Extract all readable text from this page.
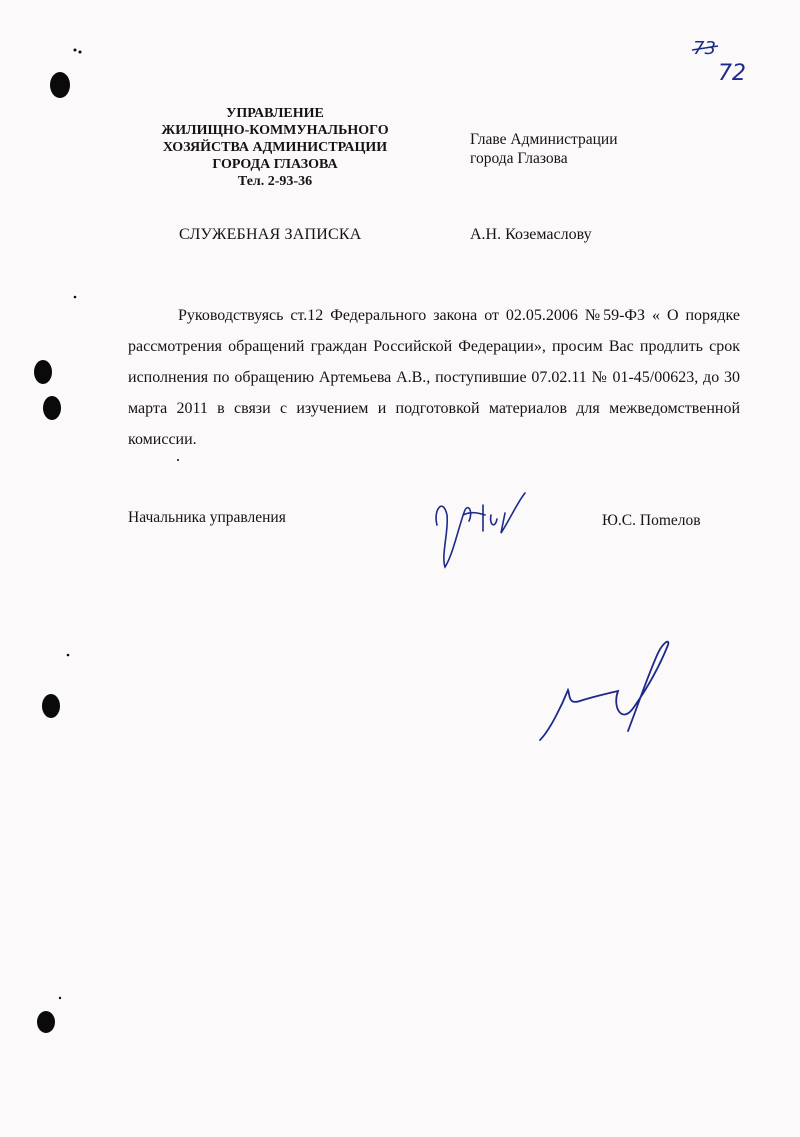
73
72
УПРАВЛЕНИЕ
ЖИЛИЩНО-КОММУНАЛЬНОГО
ХОЗЯЙСТВА АДМИНИСТРАЦИИ
ГОРОДА ГЛАЗОВА
Тел. 2-93-36
Главе Администрации
города Глазова
СЛУЖЕБНАЯ ЗАПИСКА	А.Н. Коземаслову
Руководствуясь ст.12 Федерального закона от 02.05.2006 №59-ФЗ « О порядке рассмотрения обращений граждан Российской Федерации», просим Вас продлить срок исполнения по обращению Артемьева А.В., поступившие 07.02.11 № 01-45/00623, до 30 марта 2011 в связи с изучением и подготовкой материалов для межведомственной комиссии.
Начальника управления	Ю.С. Пomeлов
